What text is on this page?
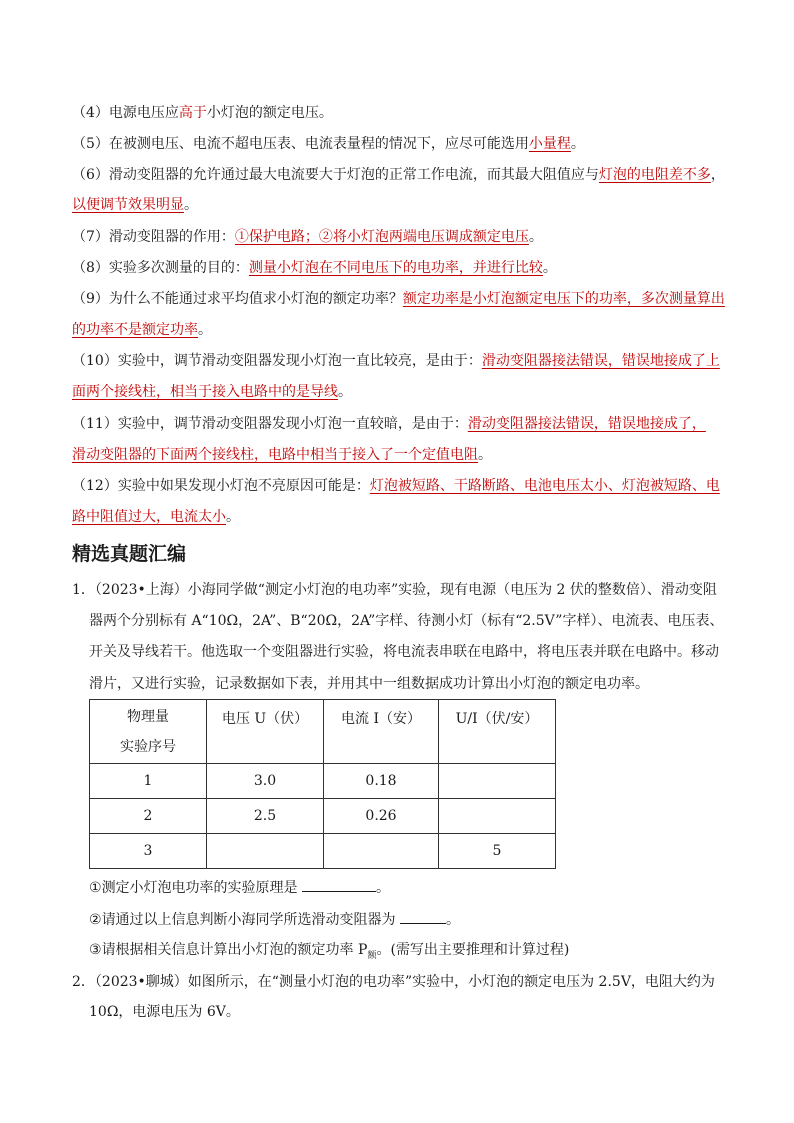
（4）电源电压应高于小灯泡的额定电压。
（5）在被测电压、电流不超电压表、电流表量程的情况下，应尽可能选用小量程。
（6）滑动变阻器的允许通过最大电流要大于灯泡的正常工作电流，而其最大阻值应与灯泡的电阻差不多，
以便调节效果明显。
（7）滑动变阻器的作用：①保护电路；②将小灯泡两端电压调成额定电压。
（8）实验多次测量的目的：测量小灯泡在不同电压下的电功率，并进行比较。
（9）为什么不能通过求平均值求小灯泡的额定功率？额定功率是小灯泡额定电压下的功率，多次测量算出
的功率不是额定功率。
（10）实验中，调节滑动变阻器发现小灯泡一直比较亮，是由于：滑动变阻器接法错误，错误地接成了上
面两个接线柱，相当于接入电路中的是导线。
（11）实验中，调节滑动变阻器发现小灯泡一直较暗，是由于：滑动变阻器接法错误，错误地接成了，
滑动变阻器的下面两个接线柱，电路中相当于接入了一个定值电阻。
（12）实验中如果发现小灯泡不亮原因可能是：灯泡被短路、干路断路、电池电压太小、灯泡被短路、电
路中阻值过大，电流太小。
精选真题汇编
1．（2023•上海）小海同学做“测定小灯泡的电功率”实验，现有电源（电压为 2 伏的整数倍）、滑动变阻
器两个分别标有 A“10Ω，2A”、B“20Ω，2A”字样、待测小灯（标有“2.5V”字样）、电流表、电压表、
开关及导线若干。他选取一个变阻器进行实验，将电流表串联在电路中，将电压表并联在电路中。移动
滑片，又进行实验，记录数据如下表，并用其中一组数据成功计算出小灯泡的额定电功率。
物理量
实验序号	电压 U（伏）	电流 I（安）	U/I（伏/安）
1	3.0	0.18	
2	2.5	0.26	
3			5
①测定小灯泡电功率的实验原理是	。
②请通过以上信息判断小海同学所选滑动变阻器为	。
③请根据相关信息计算出小灯泡的额定功率 $P_额$。(需写出主要推理和计算过程)
2．（2023•聊城）如图所示，在“测量小灯泡的电功率”实验中，小灯泡的额定电压为 2.5V，电阻大约为
10Ω，电源电压为 6V。
